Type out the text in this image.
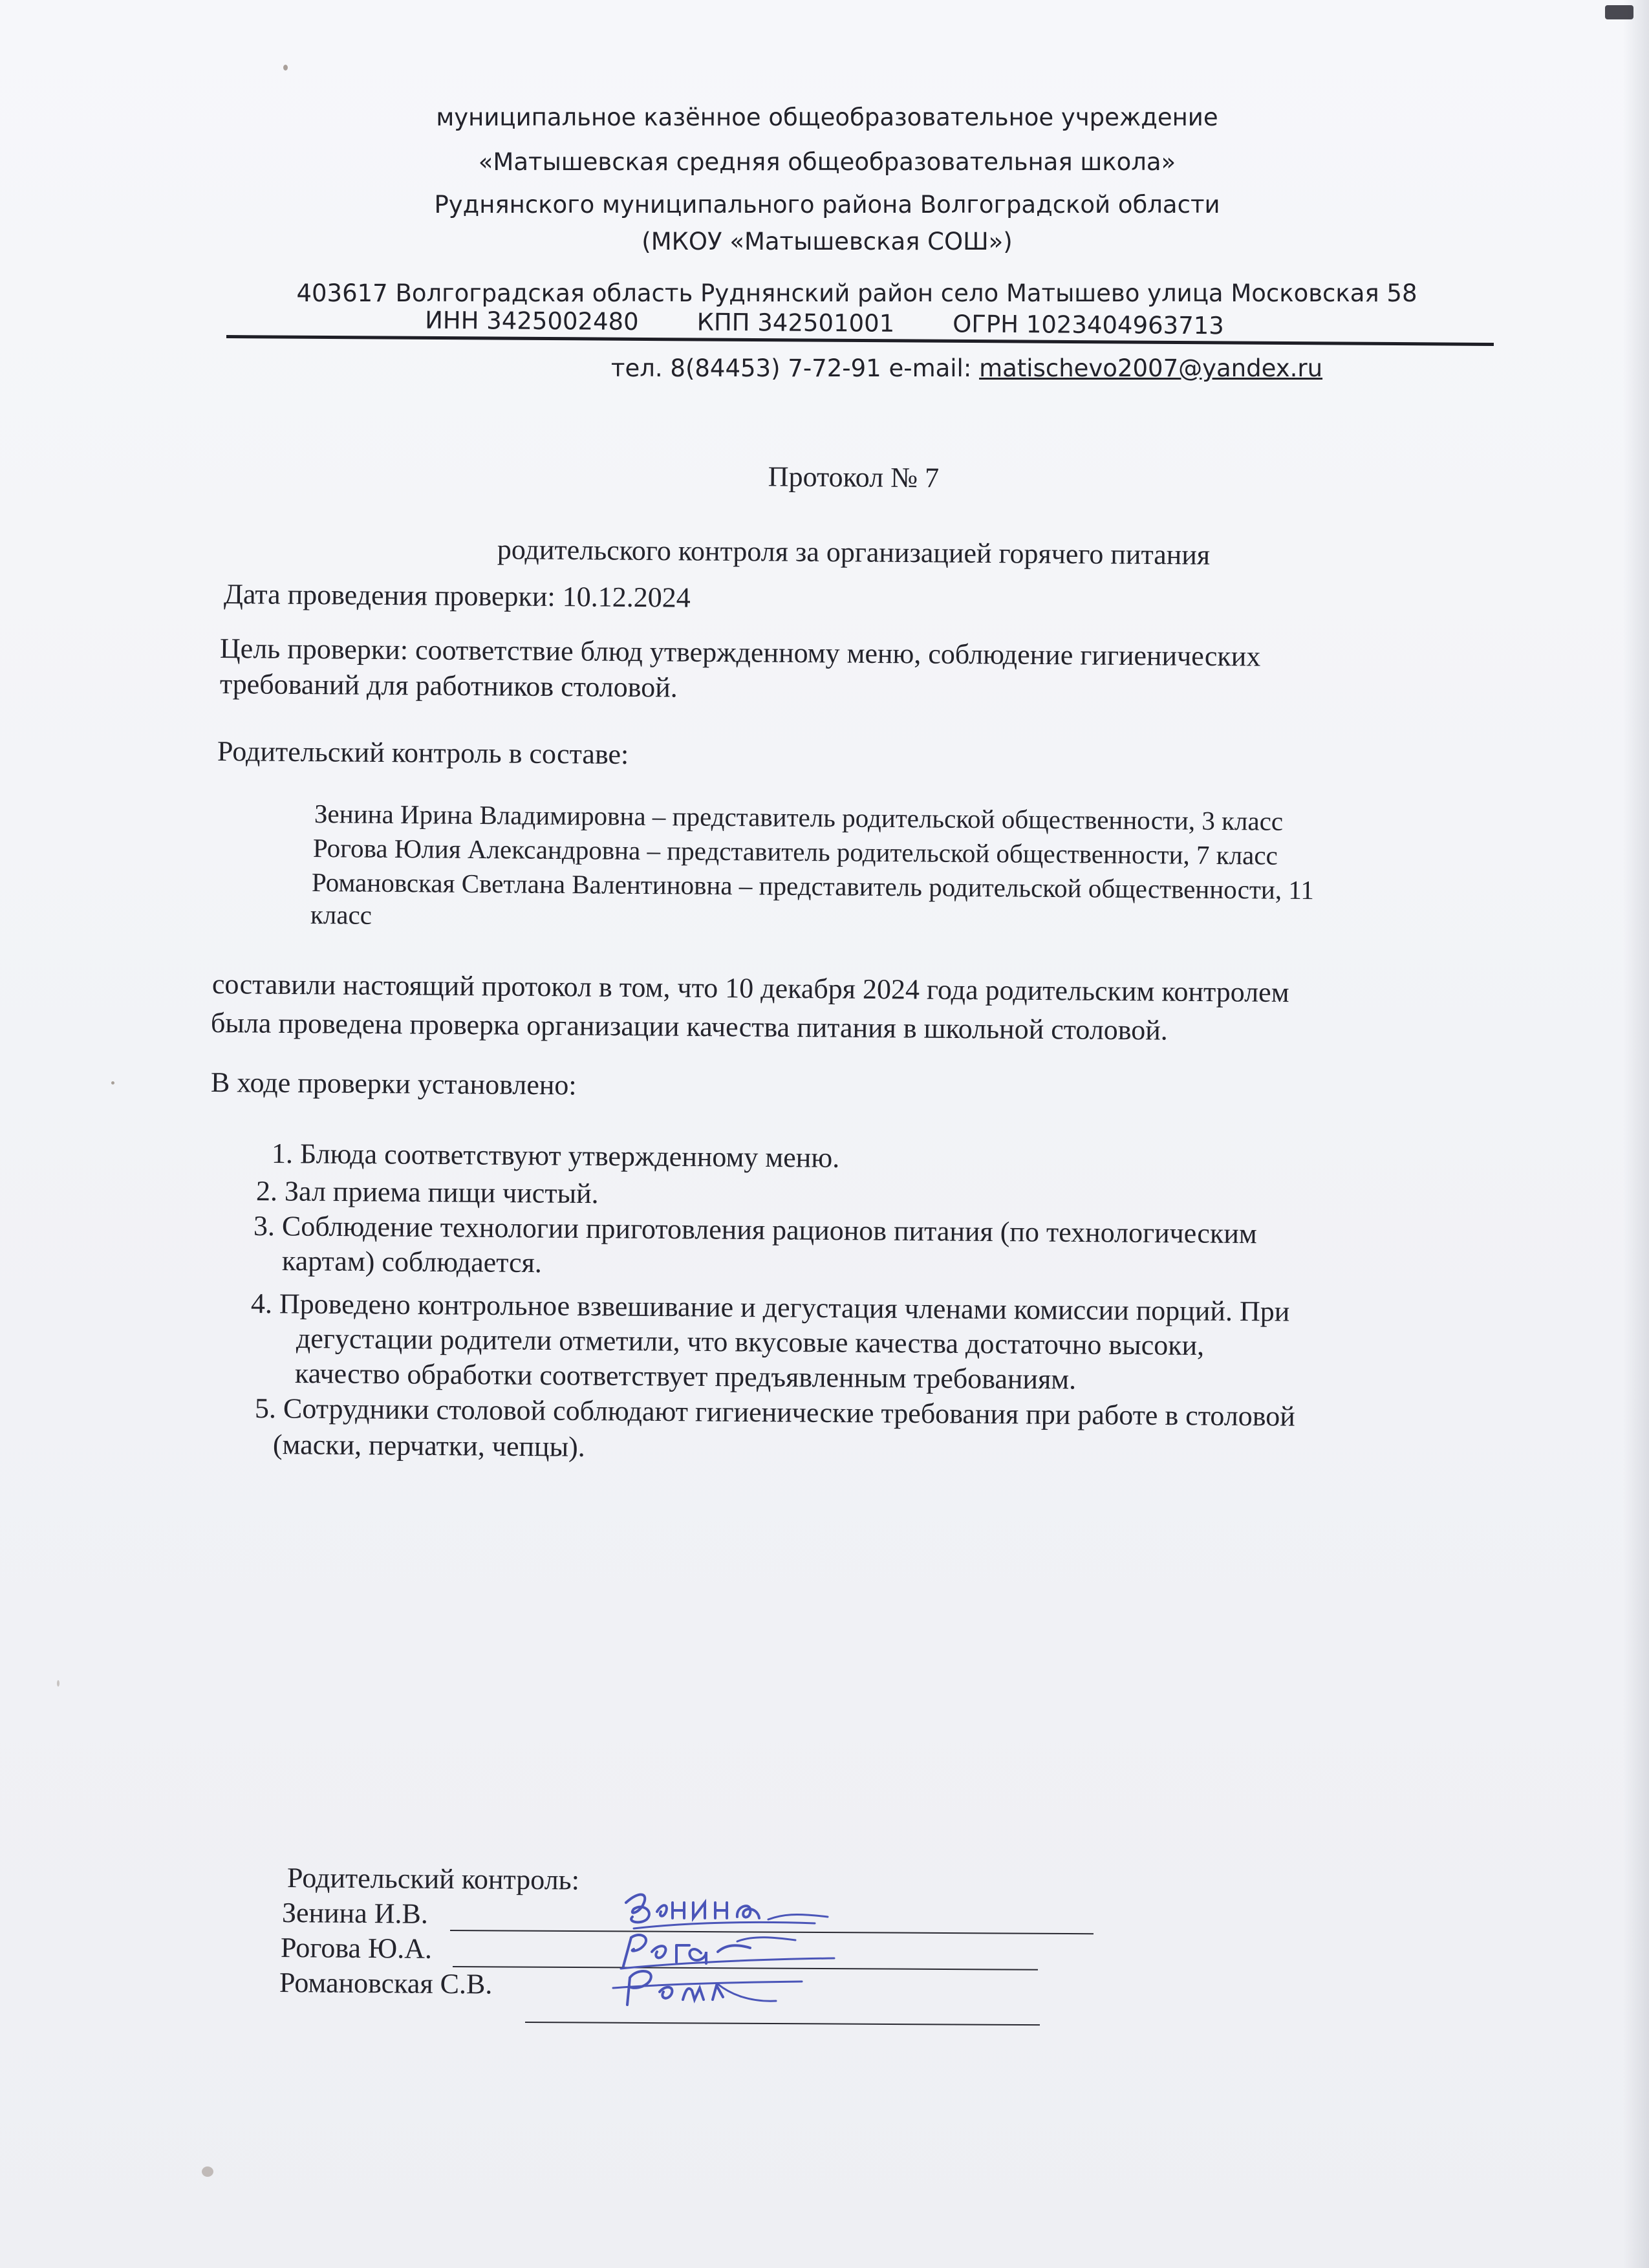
муниципальное казённое общеобразовательное учреждение
«Матышевская средняя общеобразовательная школа»
Руднянского муниципального района Волгоградской области
(МКОУ «Матышевская СОШ»)
403617 Волгоградская область Руднянский район село Матышево улица Московская 58
ИНН 3425002480 КПП 342501001 ОГРН 1023404963713
тел. 8(84453) 7-72-91 e-mail: matischevo2007@yandex.ru
Протокол № 7
родительского контроля за организацией горячего питания
Дата проведения проверки: 10.12.2024
Цель проверки: соответствие блюд утвержденному меню, соблюдение гигиенических
требований для работников столовой.
Родительский контроль в составе:
Зенина Ирина Владимировна – представитель родительской общественности, 3 класс
Рогова Юлия Александровна – представитель родительской общественности, 7 класс
Романовская Светлана Валентиновна – представитель родительской общественности, 11
класс
составили настоящий протокол в том, что 10 декабря 2024 года родительским контролем
была проведена проверка организации качества питания в школьной столовой.
В ходе проверки установлено:
1. Блюда соответствуют утвержденному меню.
2. Зал приема пищи чистый.
3. Соблюдение технологии приготовления рационов питания (по технологическим
картам) соблюдается.
4. Проведено контрольное взвешивание и дегустация членами комиссии порций. При
дегустации родители отметили, что вкусовые качества достаточно высоки,
качество обработки соответствует предъявленным требованиям.
5. Сотрудники столовой соблюдают гигиенические требования при работе в столовой
(маски, перчатки, чепцы).
Родительский контроль:
Зенина И.В.
Рогова Ю.А.
Романовская С.В.
